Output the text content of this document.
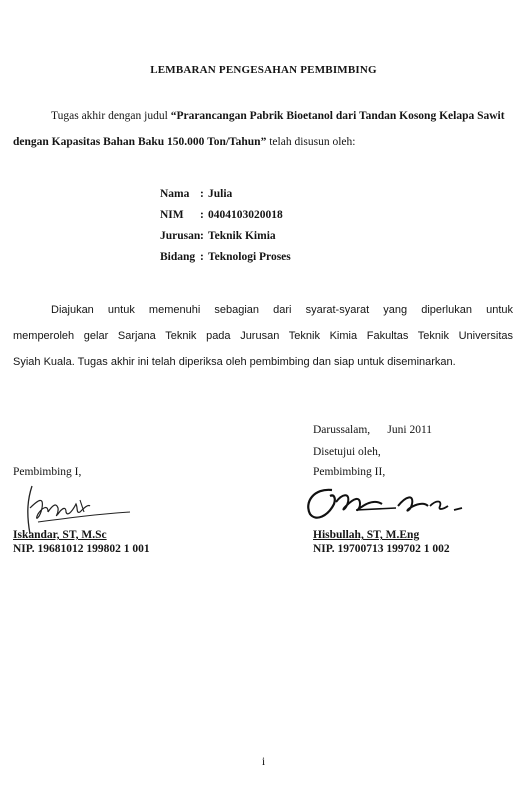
LEMBARAN PENGESAHAN PEMBIMBING
Tugas akhir dengan judul “Prarancangan Pabrik Bioetanol dari Tandan Kosong Kelapa Sawit dengan Kapasitas Bahan Baku 150.000 Ton/Tahun” telah disusun oleh:
Nama : Julia
NIM	: 0404103020018
Jurusan : Teknik Kimia
Bidang : Teknologi Proses
Diajukan untuk memenuhi sebagian dari syarat-syarat yang diperlukan untuk
memperoleh gelar Sarjana Teknik pada Jurusan Teknik Kimia Fakultas Teknik Universitas
Syiah Kuala. Tugas akhir ini telah diperiksa oleh pembimbing dan siap untuk diseminarkan.
Darussalam,      Juni 2011
Disetujui oleh,
Pembimbing I,	Pembimbing II,
Iskandar, ST, M.Sc
NIP. 19681012 199802 1 001
Hisbullah, ST, M.Eng
NIP. 19700713 199702 1 002
i
